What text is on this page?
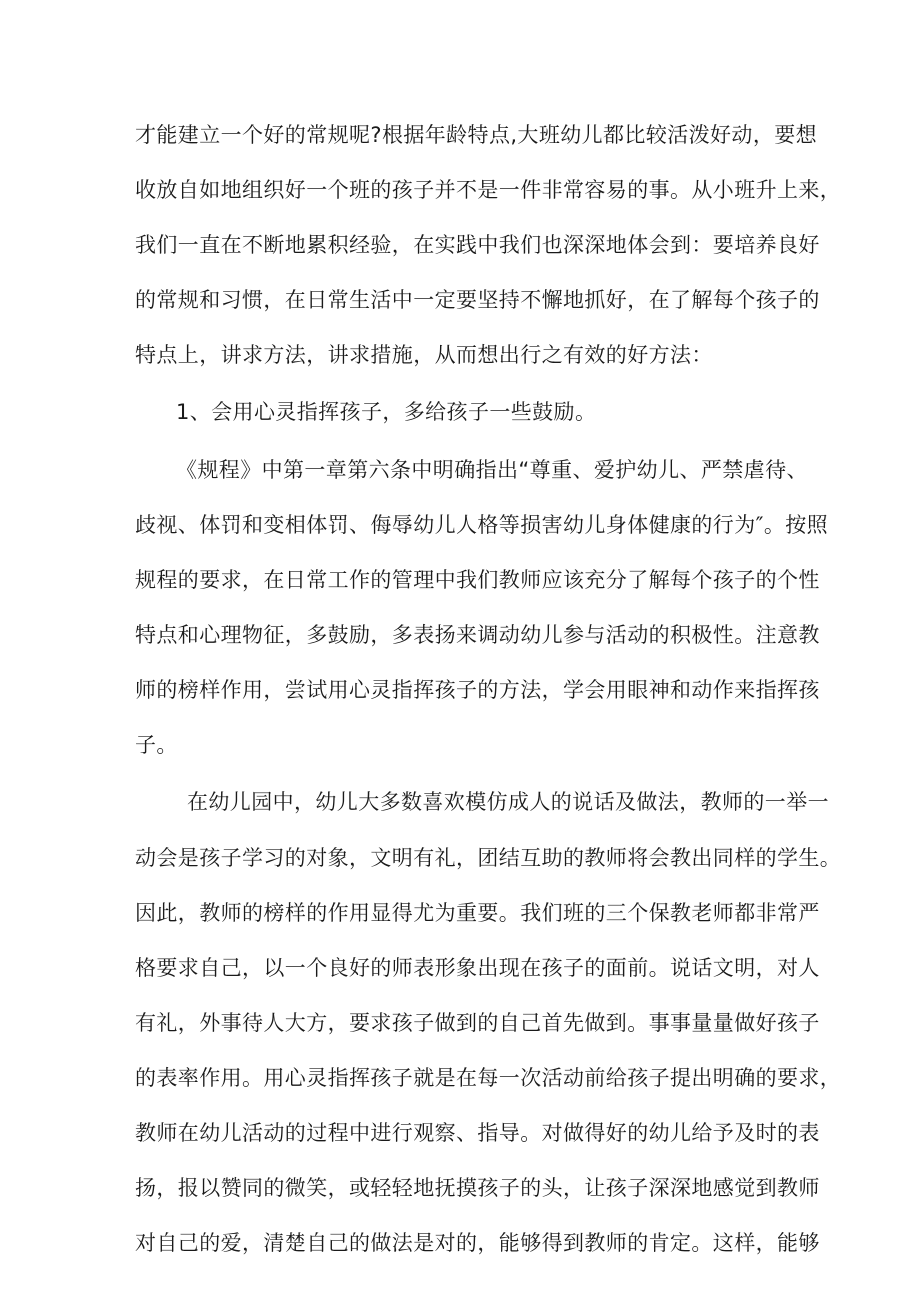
才能建立一个好的常规呢?根据年龄特点,大班幼儿都比较活泼好动，要想
收放自如地组织好一个班的孩子并不是一件非常容易的事。从小班升上来，
我们一直在不断地累积经验，在实践中我们也深深地体会到：要培养良好
的常规和习惯，在日常生活中一定要坚持不懈地抓好，在了解每个孩子的
特点上，讲求方法，讲求措施，从而想出行之有效的好方法：
1、会用心灵指挥孩子，多给孩子一些鼓励。
《规程》中第一章第六条中明确指出“尊重、爱护幼儿、严禁虐待、
歧视、体罚和变相体罚、侮辱幼儿人格等损害幼儿身体健康的行为″。按照
规程的要求，在日常工作的管理中我们教师应该充分了解每个孩子的个性
特点和心理物征，多鼓励，多表扬来调动幼儿参与活动的积极性。注意教
师的榜样作用，尝试用心灵指挥孩子的方法，学会用眼神和动作来指挥孩
子。
在幼儿园中，幼儿大多数喜欢模仿成人的说话及做法，教师的一举一
动会是孩子学习的对象，文明有礼，团结互助的教师将会教出同样的学生。
因此，教师的榜样的作用显得尤为重要。我们班的三个保教老师都非常严
格要求自己，以一个良好的师表形象出现在孩子的面前。说话文明，对人
有礼，外事待人大方，要求孩子做到的自己首先做到。事事量量做好孩子
的表率作用。用心灵指挥孩子就是在每一次活动前给孩子提出明确的要求，
教师在幼儿活动的过程中进行观察、指导。对做得好的幼儿给予及时的表
扬，报以赞同的微笑，或轻轻地抚摸孩子的头，让孩子深深地感觉到教师
对自己的爱，清楚自己的做法是对的，能够得到教师的肯定。这样，能够
